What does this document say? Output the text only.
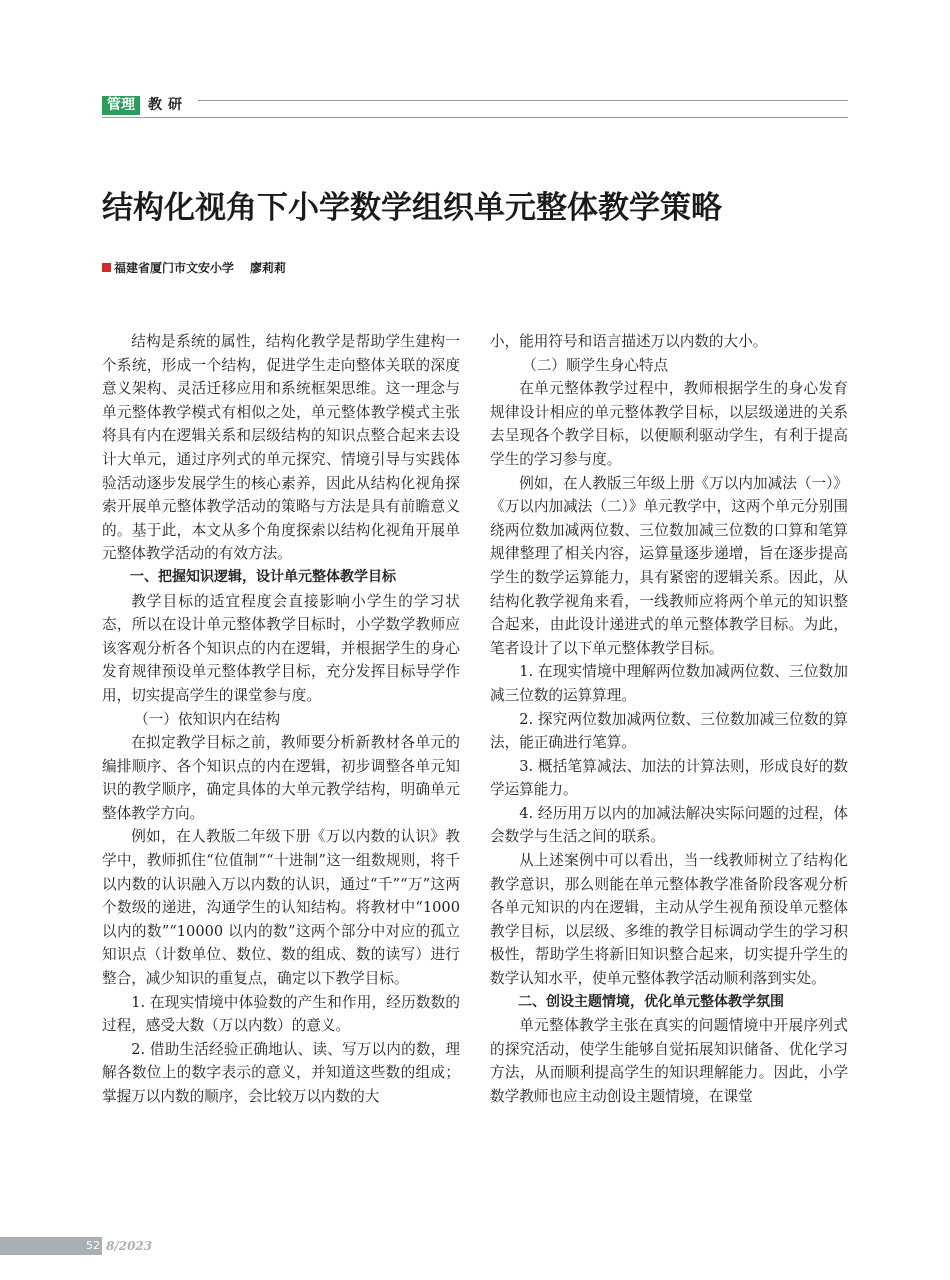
管理 教研
结构化视角下小学数学组织单元整体教学策略
福建省厦门市文安小学 廖莉莉

结构是系统的属性，结构化教学是帮助学生建构一个系统，形成一个结构，促进学生走向整体关联的深度意义架构、灵活迁移应用和系统框架思维。这一理念与单元整体教学模式有相似之处，单元整体教学模式主张将具有内在逻辑关系和层级结构的知识点整合起来去设计大单元，通过序列式的单元探究、情境引导与实践体验活动逐步发展学生的核心素养，因此从结构化视角探索开展单元整体教学活动的策略与方法是具有前瞻意义的。基于此，本文从多个角度探索以结构化视角开展单元整体教学活动的有效方法。

一、把握知识逻辑，设计单元整体教学目标

教学目标的适宜程度会直接影响小学生的学习状态，所以在设计单元整体教学目标时，小学数学教师应该客观分析各个知识点的内在逻辑，并根据学生的身心发育规律预设单元整体教学目标，充分发挥目标导学作用，切实提高学生的课堂参与度。

（一）依知识内在结构

在拟定教学目标之前，教师要分析新教材各单元的编排顺序、各个知识点的内在逻辑，初步调整各单元知识的教学顺序，确定具体的大单元教学结构，明确单元整体教学方向。

例如，在人教版二年级下册《万以内数的认识》教学中，教师抓住“位值制”“十进制”这一组数规则，将千以内数的认识融入万以内数的认识，通过“千”“万”这两个数级的递进，沟通学生的认知结构。将教材中“1000 以内的数”“10000 以内的数”这两个部分中对应的孤立知识点（计数单位、数位、数的组成、数的读写）进行整合，减少知识的重复点，确定以下教学目标。

1. 在现实情境中体验数的产生和作用，经历数数的过程，感受大数（万以内数）的意义。

2. 借助生活经验正确地认、读、写万以内的数，理解各数位上的数字表示的意义，并知道这些数的组成；掌握万以内数的顺序，会比较万以内数的大

小，能用符号和语言描述万以内数的大小。

（二）顺学生身心特点

在单元整体教学过程中，教师根据学生的身心发育规律设计相应的单元整体教学目标，以层级递进的关系去呈现各个教学目标，以便顺利驱动学生，有利于提高学生的学习参与度。

例如，在人教版三年级上册《万以内加减法（一）》《万以内加减法（二）》单元教学中，这两个单元分别围绕两位数加减两位数、三位数加减三位数的口算和笔算规律整理了相关内容，运算量逐步递增，旨在逐步提高学生的数学运算能力，具有紧密的逻辑关系。因此，从结构化教学视角来看，一线教师应将两个单元的知识整合起来，由此设计递进式的单元整体教学目标。为此，笔者设计了以下单元整体教学目标。

1. 在现实情境中理解两位数加减两位数、三位数加减三位数的运算算理。

2. 探究两位数加减两位数、三位数加减三位数的算法，能正确进行笔算。

3. 概括笔算减法、加法的计算法则，形成良好的数学运算能力。

4. 经历用万以内的加减法解决实际问题的过程，体会数学与生活之间的联系。

从上述案例中可以看出，当一线教师树立了结构化教学意识，那么则能在单元整体教学准备阶段客观分析各单元知识的内在逻辑，主动从学生视角预设单元整体教学目标，以层级、多维的教学目标调动学生的学习积极性，帮助学生将新旧知识整合起来，切实提升学生的数学认知水平，使单元整体教学活动顺利落到实处。

二、创设主题情境，优化单元整体教学氛围

单元整体教学主张在真实的问题情境中开展序列式的探究活动，使学生能够自觉拓展知识储备、优化学习方法，从而顺利提高学生的知识理解能力。因此，小学数学教师也应主动创设主题情境，在课堂

52 8/2023
